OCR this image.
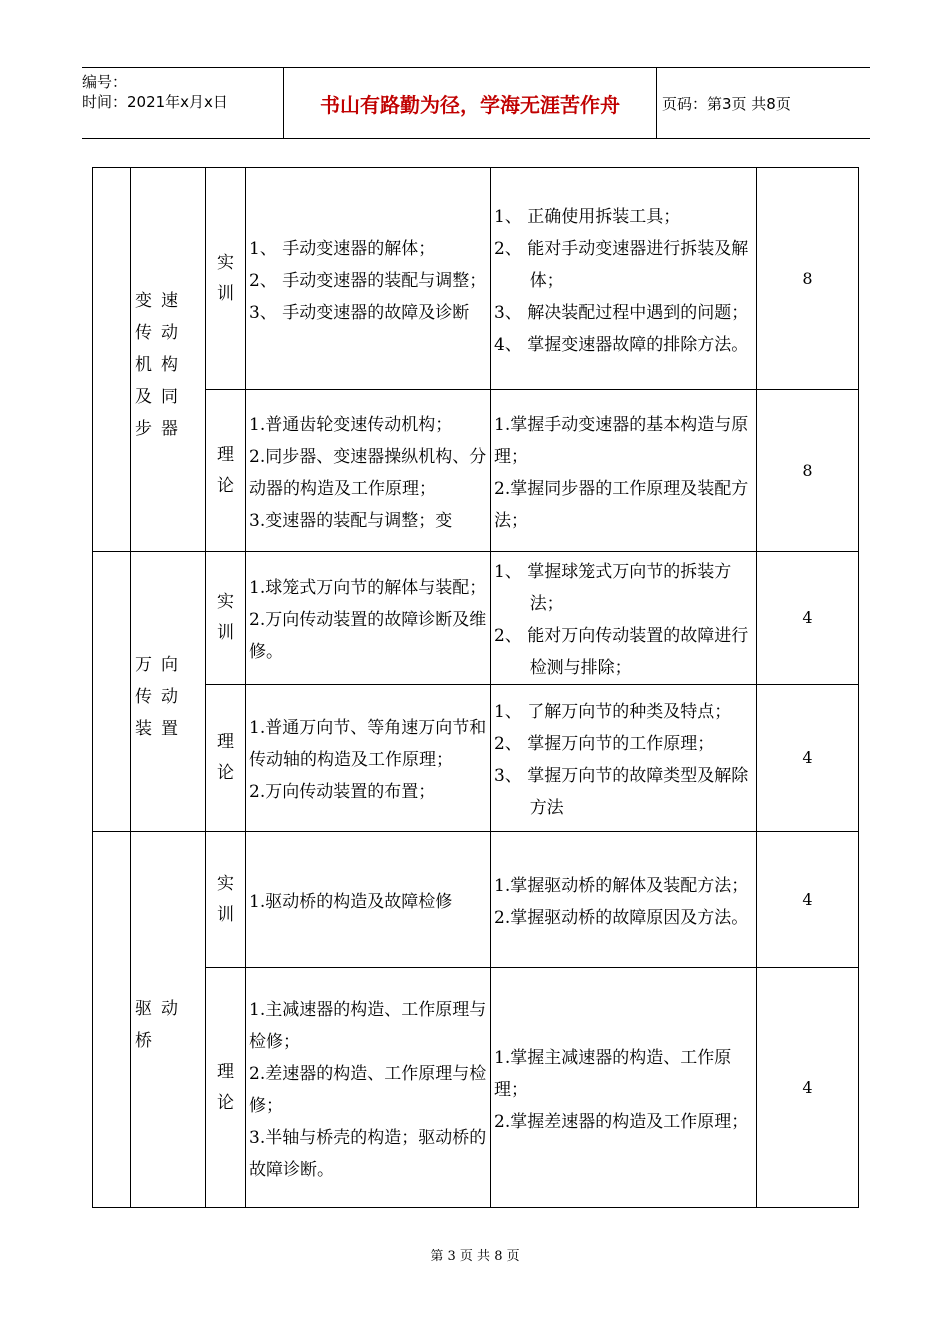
编号：
时间：2021年x月x日	书山有路勤为径，学海无涯苦作舟	页码：第3页 共8页
变速传动机构及同步器
实训
1、 手动变速器的解体；
2、 手动变速器的装配与调整；
3、 手动变速器的故障及诊断
1、 正确使用拆装工具；
2、 能对手动变速器进行拆装及解体；
3、 解决装配过程中遇到的问题；
4、 掌握变速器故障的排除方法。
8
理论
1.普通齿轮变速传动机构；
2.同步器、变速器操纵机构、分动器的构造及工作原理；
3.变速器的装配与调整；变
1.掌握手动变速器的基本构造与原理；
2.掌握同步器的工作原理及装配方法；
8
万向传动装置
实训
1.球笼式万向节的解体与装配；
2.万向传动装置的故障诊断及维修。
1、 掌握球笼式万向节的拆装方法；
2、 能对万向传动装置的故障进行检测与排除；
4
理论
1.普通万向节、等角速万向节和传动轴的构造及工作原理；
2.万向传动装置的布置；
1、 了解万向节的种类及特点；
2、 掌握万向节的工作原理；
3、 掌握万向节的故障类型及解除方法
4
驱动桥
实训
1.驱动桥的构造及故障检修
1.掌握驱动桥的解体及装配方法；
2.掌握驱动桥的故障原因及方法。
4
理论
1.主减速器的构造、工作原理与检修；
2.差速器的构造、工作原理与检修；
3.半轴与桥壳的构造；驱动桥的故障诊断。
1.掌握主减速器的构造、工作原理；
2.掌握差速器的构造及工作原理；
4
第 3 页 共 8 页
